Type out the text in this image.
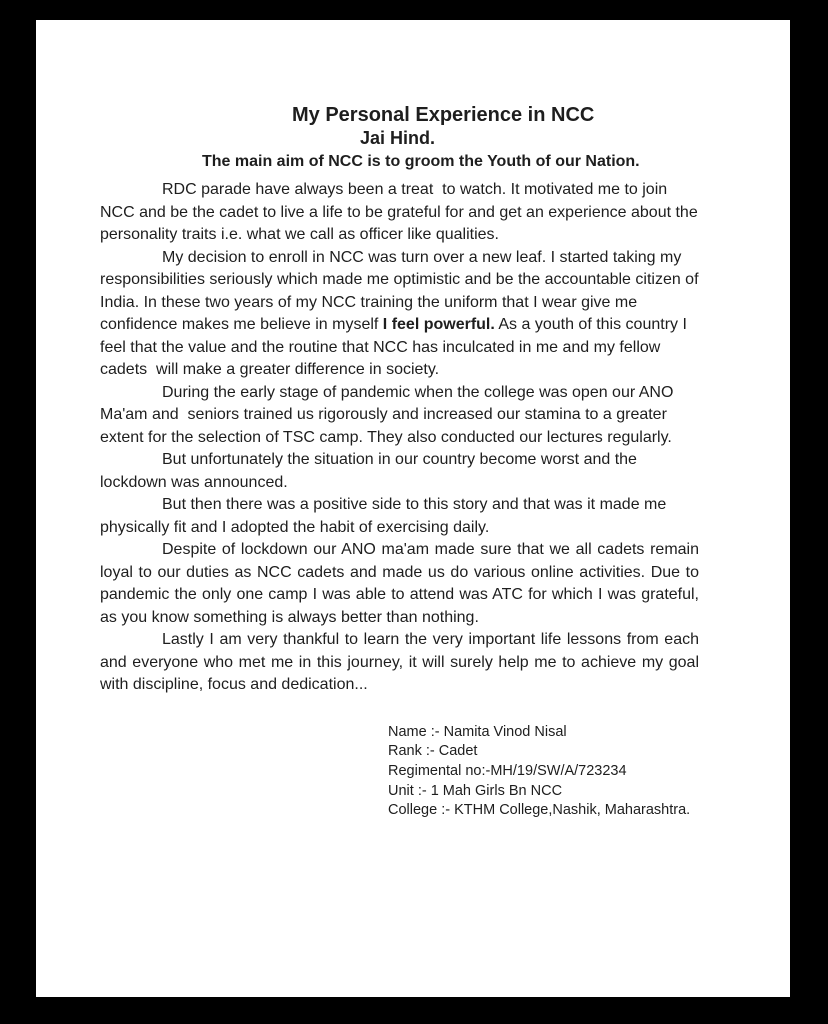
My Personal Experience in NCC

Jai Hind.

The main aim of NCC is to groom the Youth of our Nation.

RDC parade have always been a treat  to watch. It motivated me to join NCC and be the cadet to live a life to be grateful for and get an experience about the personality traits i.e. what we call as officer like qualities.

My decision to enroll in NCC was turn over a new leaf. I started taking my responsibilities seriously which made me optimistic and be the accountable citizen of India. In these two years of my NCC training the uniform that I wear give me confidence makes me believe in myself I feel powerful. As a youth of this country I feel that the value and the routine that NCC has inculcated in me and my fellow cadets  will make a greater difference in society.

During the early stage of pandemic when the college was open our ANO Ma'am and  seniors trained us rigorously and increased our stamina to a greater extent for the selection of TSC camp. They also conducted our lectures regularly.

But unfortunately the situation in our country become worst and the lockdown was announced.

But then there was a positive side to this story and that was it made me physically fit and I adopted the habit of exercising daily.

Despite of lockdown our ANO ma'am made sure that we all cadets remain loyal to our duties as NCC cadets and made us do various online activities. Due to pandemic the only one camp I was able to attend was ATC for which I was grateful, as you know something is always better than nothing.

Lastly I am very thankful to learn the very important life lessons from each and everyone who met me in this journey, it will surely help me to achieve my goal with discipline, focus and dedication...

Name :- Namita Vinod Nisal

Rank :- Cadet

Regimental no:-MH/19/SW/A/723234

Unit :- 1 Mah Girls Bn NCC

College :- KTHM College,Nashik, Maharashtra.
